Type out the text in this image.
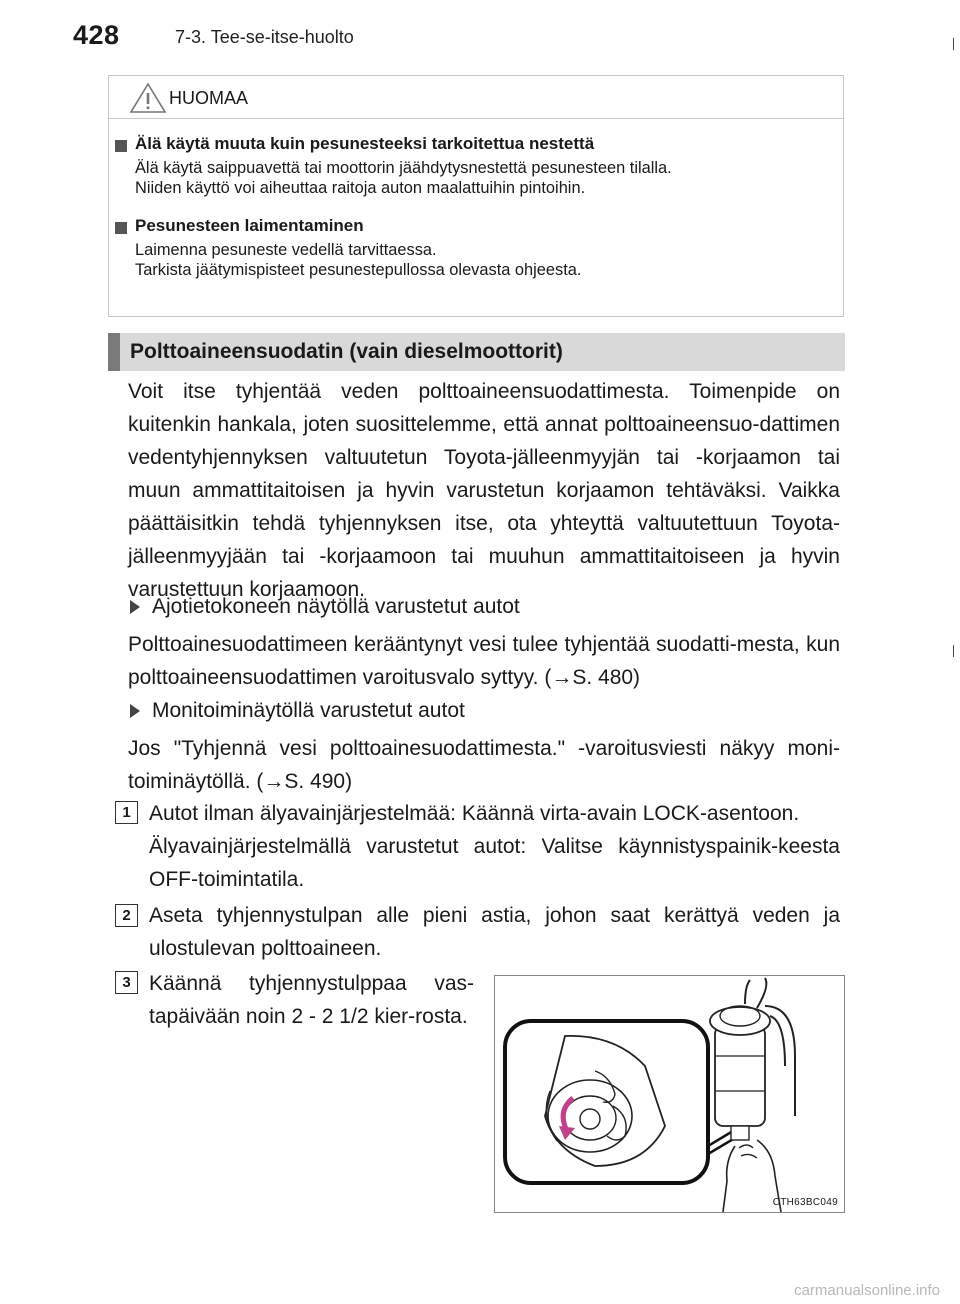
428	7-3. Tee-se-itse-huolto
HUOMAA
Älä käytä muuta kuin pesunesteeksi tarkoitettua nestettä

Älä käytä saippuavettä tai moottorin jäähdytysnestettä pesunesteen tilalla.
Niiden käyttö voi aiheuttaa raitoja auton maalattuihin pintoihin.

Pesunesteen laimentaminen

Laimenna pesuneste vedellä tarvittaessa.
Tarkista jäätymispisteet pesunestepullossa olevasta ohjeesta.

Polttoaineensuodatin (vain dieselmoottorit)
Voit itse tyhjentää veden polttoaineensuodattimesta. Toimenpide on kuitenkin hankala, joten suosittelemme, että annat polttoaineensuo-dattimen vedentyhjennyksen valtuutetun Toyota-jälleenmyyjän tai -korjaamon tai muun ammattitaitoisen ja hyvin varustetun korjaamon tehtäväksi. Vaikka päättäisitkin tehdä tyhjennyksen itse, ota yhteyttä valtuutettuun Toyota-jälleenmyyjään tai -korjaamoon tai muuhun ammattitaitoiseen ja hyvin varustettuun korjaamoon.
Ajotietokoneen näytöllä varustetut autot
Polttoainesuodattimeen kerääntynyt vesi tulee tyhjentää suodatti-mesta, kun polttoaineensuodattimen varoitusvalo syttyy. (→S. 480)
Monitoiminäytöllä varustetut autot
Jos "Tyhjennä vesi polttoainesuodattimesta." -varoitusviesti näkyy moni-toiminäytöllä. (→S. 490)
1 Autot ilman älyavainjärjestelmää: Käännä virta-avain LOCK-asentoon.
Älyavainjärjestelmällä varustetut autot: Valitse käynnistyspainik-keesta OFF-toimintatila.
2 Aseta tyhjennystulpan alle pieni astia, johon saat kerättyä veden ja ulostulevan polttoaineen.
3 Käännä tyhjennystulppaa vas-tapäivään noin 2 - 2 1/2 kier-rosta.
CTH63BC049
carmanualsonline.info
